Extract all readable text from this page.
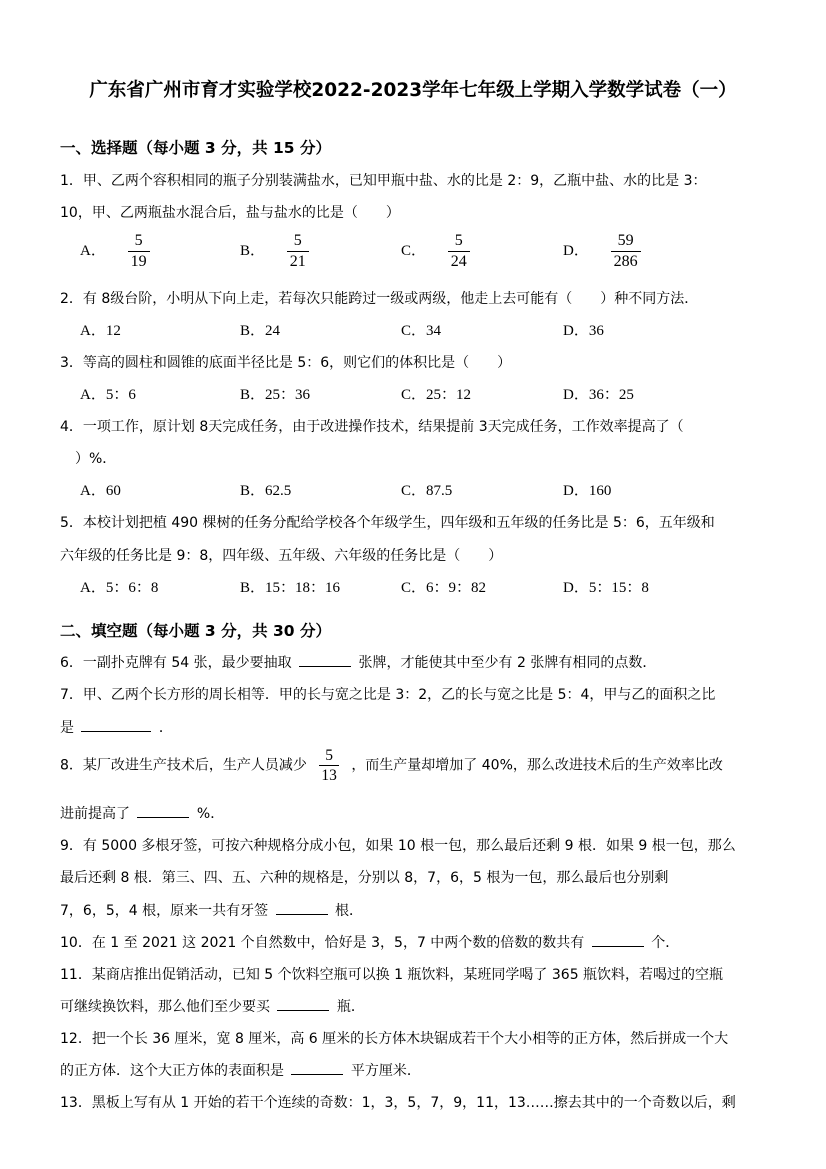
广东省广州市育才实验学校2022-2023学年七年级上学期入学数学试卷（一）
一、选择题（每小题 3 分，共 15 分）
1．甲、乙两个容积相同的瓶子分别装满盐水，已知甲瓶中盐、水的比是 2：9，乙瓶中盐、水的比是 3：
10，甲、乙两瓶盐水混合后，盐与盐水的比是（　　）
A． $\frac{5}{19}$	B． $\frac{5}{21}$	C． $\frac{5}{24}$	D． $\frac{59}{286}$
2．有 8级台阶，小明从下向上走，若每次只能跨过一级或两级，他走上去可能有（　　）种不同方法．
A．12	B．24	C．34	D．36
3．等高的圆柱和圆锥的底面半径比是 5：6，则它们的体积比是（　　）
A．5：6	B．25：36	C．25：12	D．36：25
4．一项工作，原计划 8天完成任务，由于改进操作技术，结果提前 3天完成任务，工作效率提高了（
）%．
A．60	B．62.5	C．87.5	D．160
5．本校计划把植 490 棵树的任务分配给学校各个年级学生，四年级和五年级的任务比是 5：6，五年级和
六年级的任务比是 9：8，四年级、五年级、六年级的任务比是（　　）
A．5：6：8	B．15：18：16	C．6：9：82	D．5：15：8
二、填空题（每小题 3 分，共 30 分）
6．一副扑克牌有 54 张，最少要抽取	张牌，才能使其中至少有 2 张牌有相同的点数．
7．甲、乙两个长方形的周长相等．甲的长与宽之比是 3：2，乙的长与宽之比是 5：4，甲与乙的面积之比
是	．
8．某厂改进生产技术后，生产人员减少 $\frac{5}{13}$ ，而生产量却增加了 40%，那么改进技术后的生产效率比改
进前提高了	%．
9．有 5000 多根牙签，可按六种规格分成小包，如果 10 根一包，那么最后还剩 9 根．如果 9 根一包，那么
最后还剩 8 根．第三、四、五、六种的规格是，分别以 8，7，6，5 根为一包，那么最后也分别剩
7，6，5，4 根，原来一共有牙签	根．
10．在 1 至 2021 这 2021 个自然数中，恰好是 3，5，7 中两个数的倍数的数共有	个．
11．某商店推出促销活动，已知 5 个饮料空瓶可以换 1 瓶饮料，某班同学喝了 365 瓶饮料，若喝过的空瓶
可继续换饮料，那么他们至少要买	瓶．
12．把一个长 36 厘米，宽 8 厘米，高 6 厘米的长方体木块锯成若干个大小相等的正方体，然后拼成一个大
的正方体．这个大正方体的表面积是	平方厘米．
13．黑板上写有从 1 开始的若干个连续的奇数：1，3，5，7，9，11，13……擦去其中的一个奇数以后，剩
